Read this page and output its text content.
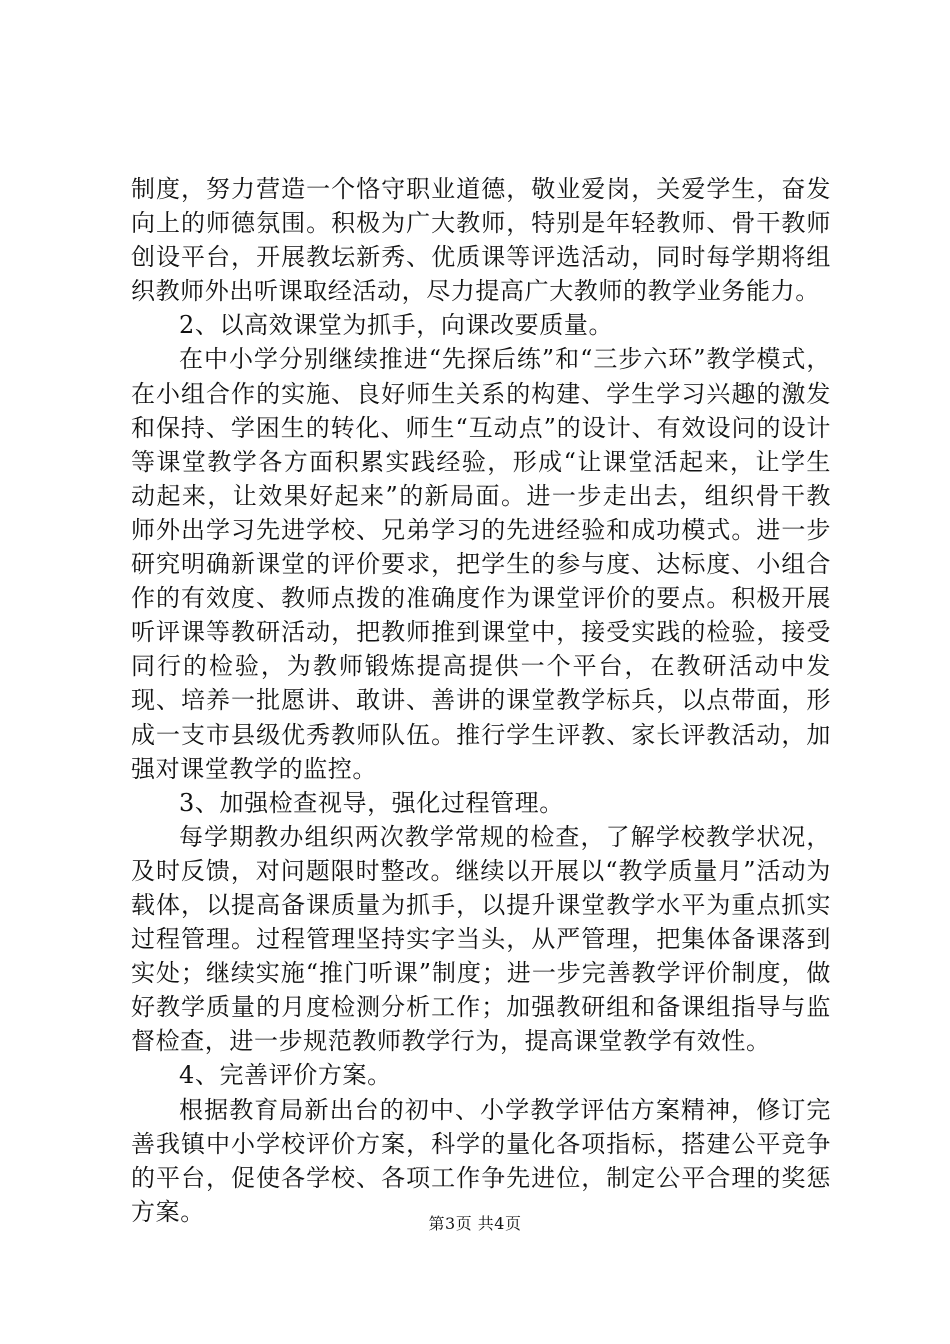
制度，努力营造一个恪守职业道德，敬业爱岗，关爱学生，奋发向上的师德氛围。积极为广大教师，特别是年轻教师、骨干教师创设平台，开展教坛新秀、优质课等评选活动，同时每学期将组织教师外出听课取经活动，尽力提高广大教师的教学业务能力。

2、以高效课堂为抓手，向课改要质量。

在中小学分别继续推进“先探后练”和“三步六环”教学模式，在小组合作的实施、良好师生关系的构建、学生学习兴趣的激发和保持、学困生的转化、师生“互动点”的设计、有效设问的设计等课堂教学各方面积累实践经验，形成“让课堂活起来，让学生动起来，让效果好起来”的新局面。进一步走出去，组织骨干教师外出学习先进学校、兄弟学习的先进经验和成功模式。进一步研究明确新课堂的评价要求，把学生的参与度、达标度、小组合作的有效度、教师点拨的准确度作为课堂评价的要点。积极开展听评课等教研活动，把教师推到课堂中，接受实践的检验，接受同行的检验，为教师锻炼提高提供一个平台，在教研活动中发现、培养一批愿讲、敢讲、善讲的课堂教学标兵，以点带面，形成一支市县级优秀教师队伍。推行学生评教、家长评教活动，加强对课堂教学的监控。

3、加强检查视导，强化过程管理。

每学期教办组织两次教学常规的检查，了解学校教学状况，及时反馈，对问题限时整改。继续以开展以“教学质量月”活动为载体，以提高备课质量为抓手，以提升课堂教学水平为重点抓实过程管理。过程管理坚持实字当头，从严管理，把集体备课落到实处；继续实施“推门听课”制度；进一步完善教学评价制度，做好教学质量的月度检测分析工作；加强教研组和备课组指导与监督检查，进一步规范教师教学行为，提高课堂教学有效性。

4、完善评价方案。

根据教育局新出台的初中、小学教学评估方案精神，修订完善我镇中小学校评价方案，科学的量化各项指标，搭建公平竞争的平台，促使各学校、各项工作争先进位，制定公平合理的奖惩方案。	第3页 共4页
